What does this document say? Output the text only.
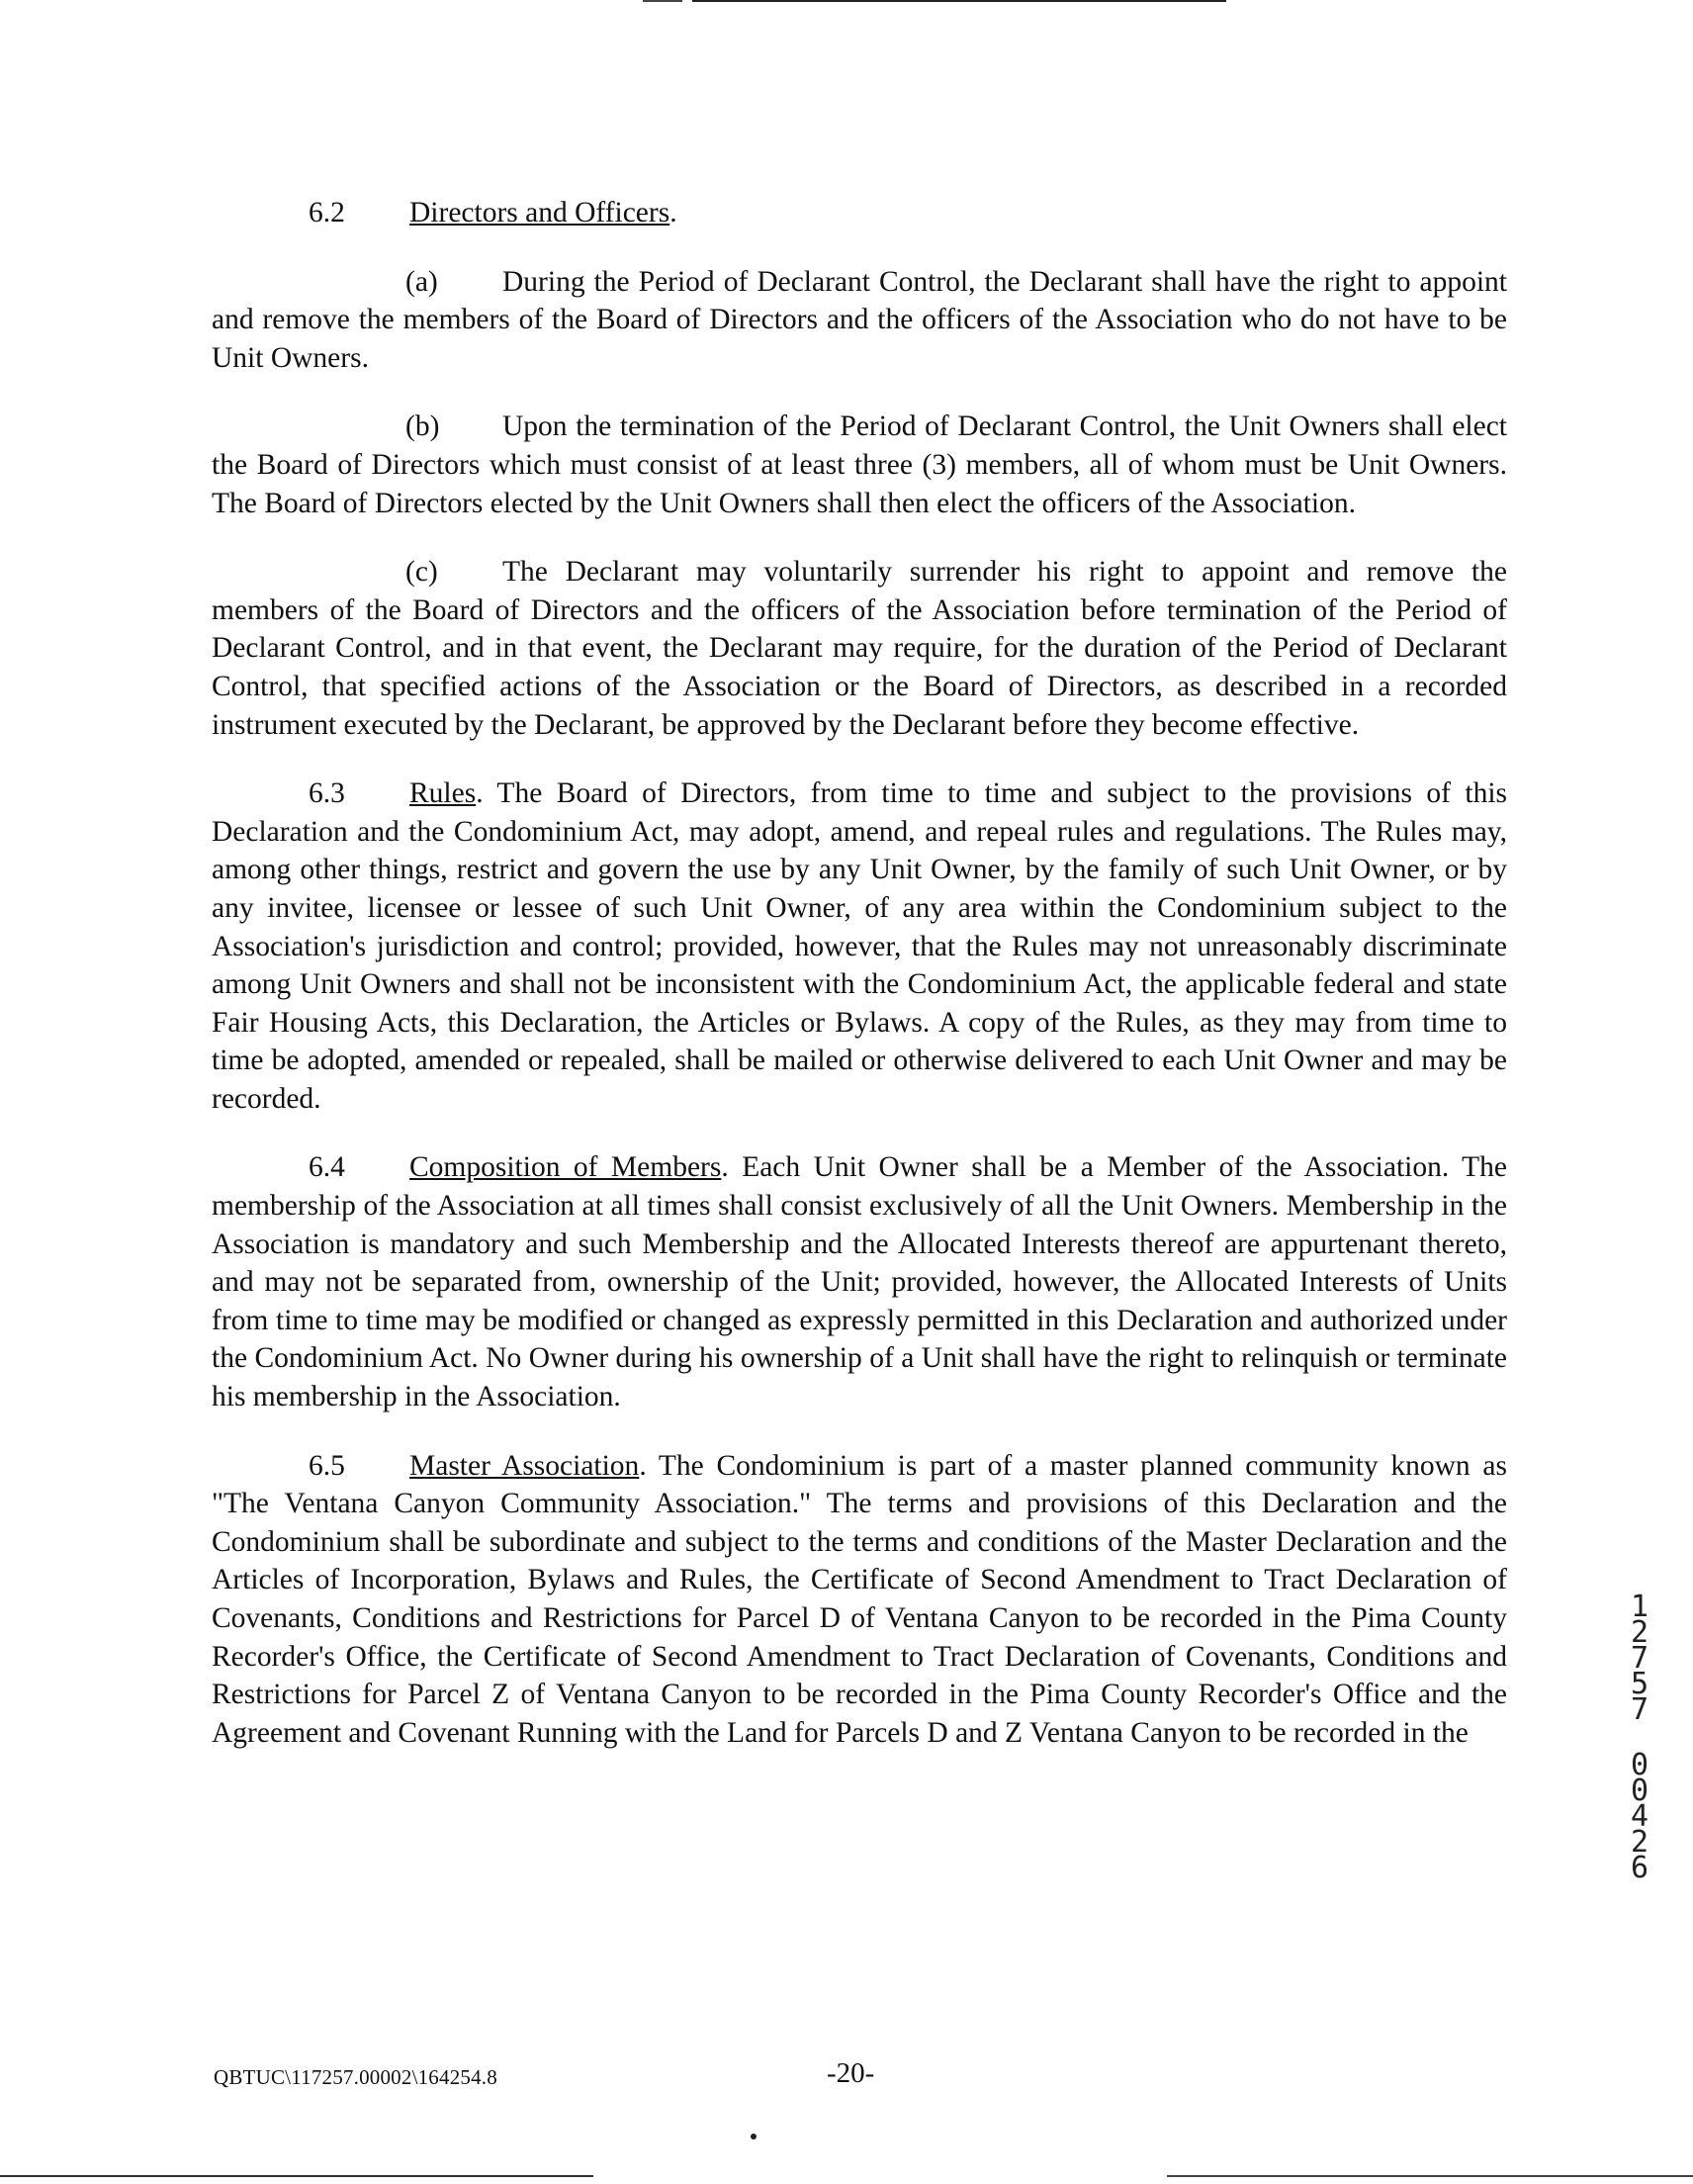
6.2 Directors and Officers.

(a) During the Period of Declarant Control, the Declarant shall have the right to appoint and remove the members of the Board of Directors and the officers of the Association who do not have to be Unit Owners.

(b) Upon the termination of the Period of Declarant Control, the Unit Owners shall elect the Board of Directors which must consist of at least three (3) members, all of whom must be Unit Owners. The Board of Directors elected by the Unit Owners shall then elect the officers of the Association.

(c) The Declarant may voluntarily surrender his right to appoint and remove the members of the Board of Directors and the officers of the Association before termination of the Period of Declarant Control, and in that event, the Declarant may require, for the duration of the Period of Declarant Control, that specified actions of the Association or the Board of Directors, as described in a recorded instrument executed by the Declarant, be approved by the Declarant before they become effective.

6.3 Rules. The Board of Directors, from time to time and subject to the provisions of this Declaration and the Condominium Act, may adopt, amend, and repeal rules and regulations. The Rules may, among other things, restrict and govern the use by any Unit Owner, by the family of such Unit Owner, or by any invitee, licensee or lessee of such Unit Owner, of any area within the Condominium subject to the Association's jurisdiction and control; provided, however, that the Rules may not unreasonably discriminate among Unit Owners and shall not be inconsistent with the Condominium Act, the applicable federal and state Fair Housing Acts, this Declaration, the Articles or Bylaws. A copy of the Rules, as they may from time to time be adopted, amended or repealed, shall be mailed or otherwise delivered to each Unit Owner and may be recorded.

6.4 Composition of Members. Each Unit Owner shall be a Member of the Association. The membership of the Association at all times shall consist exclusively of all the Unit Owners. Membership in the Association is mandatory and such Membership and the Allocated Interests thereof are appurtenant thereto, and may not be separated from, ownership of the Unit; provided, however, the Allocated Interests of Units from time to time may be modified or changed as expressly permitted in this Declaration and authorized under the Condominium Act. No Owner during his ownership of a Unit shall have the right to relinquish or terminate his membership in the Association.

6.5 Master Association. The Condominium is part of a master planned community known as "The Ventana Canyon Community Association." The terms and provisions of this Declaration and the Condominium shall be subordinate and subject to the terms and conditions of the Master Declaration and the Articles of Incorporation, Bylaws and Rules, the Certificate of Second Amendment to Tract Declaration of Covenants, Conditions and Restrictions for Parcel D of Ventana Canyon to be recorded in the Pima County Recorder's Office, the Certificate of Second Amendment to Tract Declaration of Covenants, Conditions and Restrictions for Parcel Z of Ventana Canyon to be recorded in the Pima County Recorder's Office and the Agreement and Covenant Running with the Land for Parcels D and Z Ventana Canyon to be recorded in the

1
2
7
5
7
0
0
4
2
6
QBTUC\117257.00002\164254.8	-20-
